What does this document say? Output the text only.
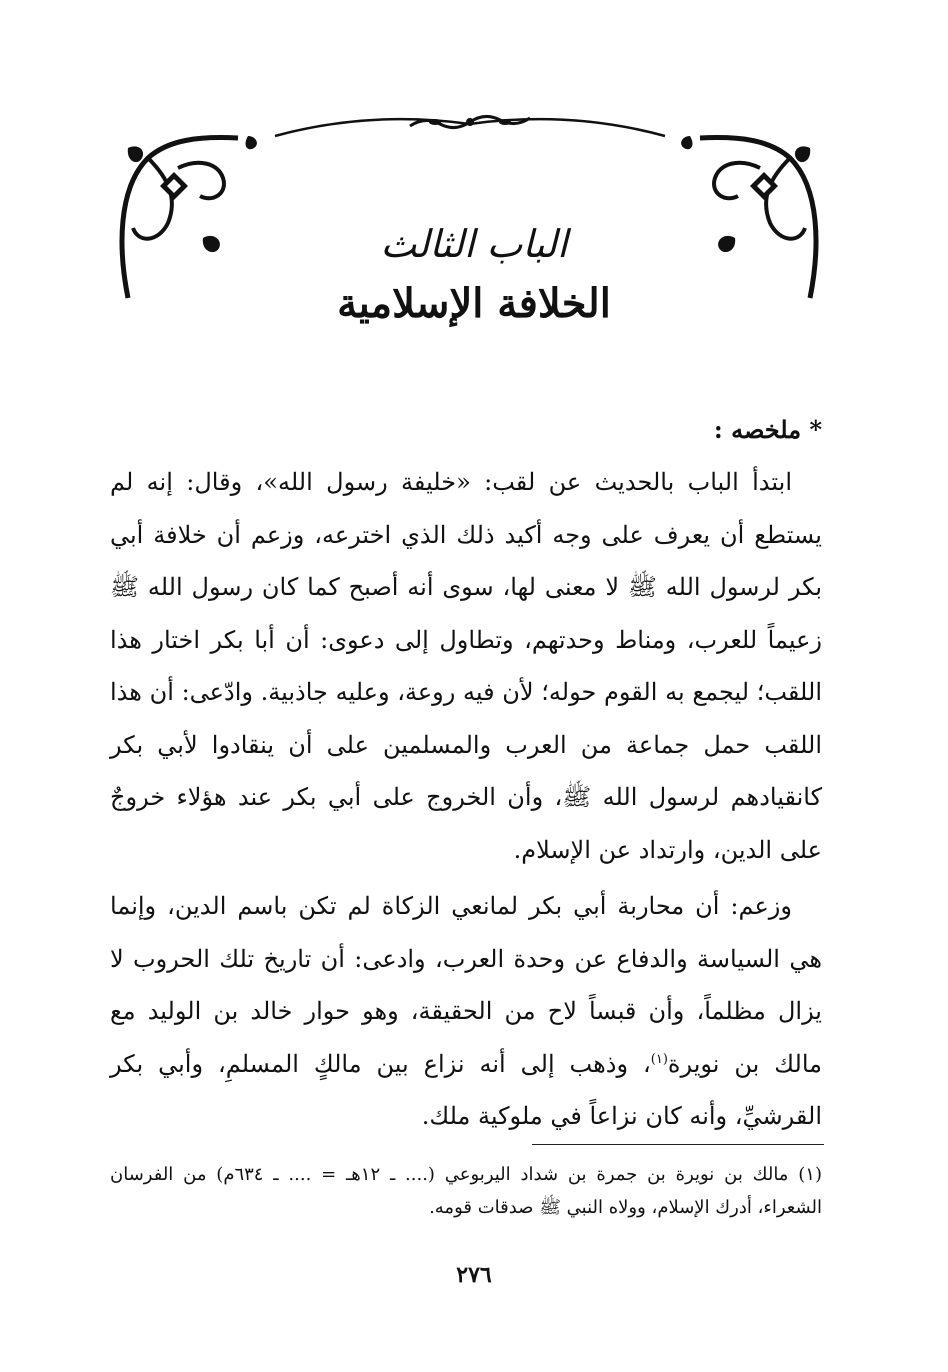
الباب الثالث
الخلافة الإسلامية

* ملخصه :

ابتدأ الباب بالحديث عن لقب: «خليفة رسول الله»، وقال: إنه لم يستطع أن يعرف على وجه أكيد ذلك الذي اخترعه، وزعم أن خلافة أبي بكر لرسول الله ﷺ لا معنى لها، سوى أنه أصبح كما كان رسول الله ﷺ زعيماً للعرب، ومناط وحدتهم، وتطاول إلى دعوى: أن أبا بكر اختار هذا اللقب؛ ليجمع به القوم حوله؛ لأن فيه روعة، وعليه جاذبية. وادّعى: أن هذا اللقب حمل جماعة من العرب والمسلمين على أن ينقادوا لأبي بكر كانقيادهم لرسول الله ﷺ، وأن الخروج على أبي بكر عند هؤلاء خروجٌ على الدين، وارتداد عن الإسلام.

وزعم: أن محاربة أبي بكر لمانعي الزكاة لم تكن باسم الدين، وإنما هي السياسة والدفاع عن وحدة العرب، وادعى: أن تاريخ تلك الحروب لا يزال مظلماً، وأن قبساً لاح من الحقيقة، وهو حوار خالد بن الوليد مع مالك بن نويرة$^{(١)}$، وذهب إلى أنه نزاع بين مالكٍ المسلمِ، وأبي بكر القرشيِّ، وأنه كان نزاعاً في ملوكية ملك.

(١) مالك بن نويرة بن جمرة بن شداد اليربوعي (.... ـ ١٢هـ = .... ـ ٦٣٤م) من الفرسان الشعراء، أدرك الإسلام، وولاه النبي ﷺ صدقات قومه.
٢٧٦
